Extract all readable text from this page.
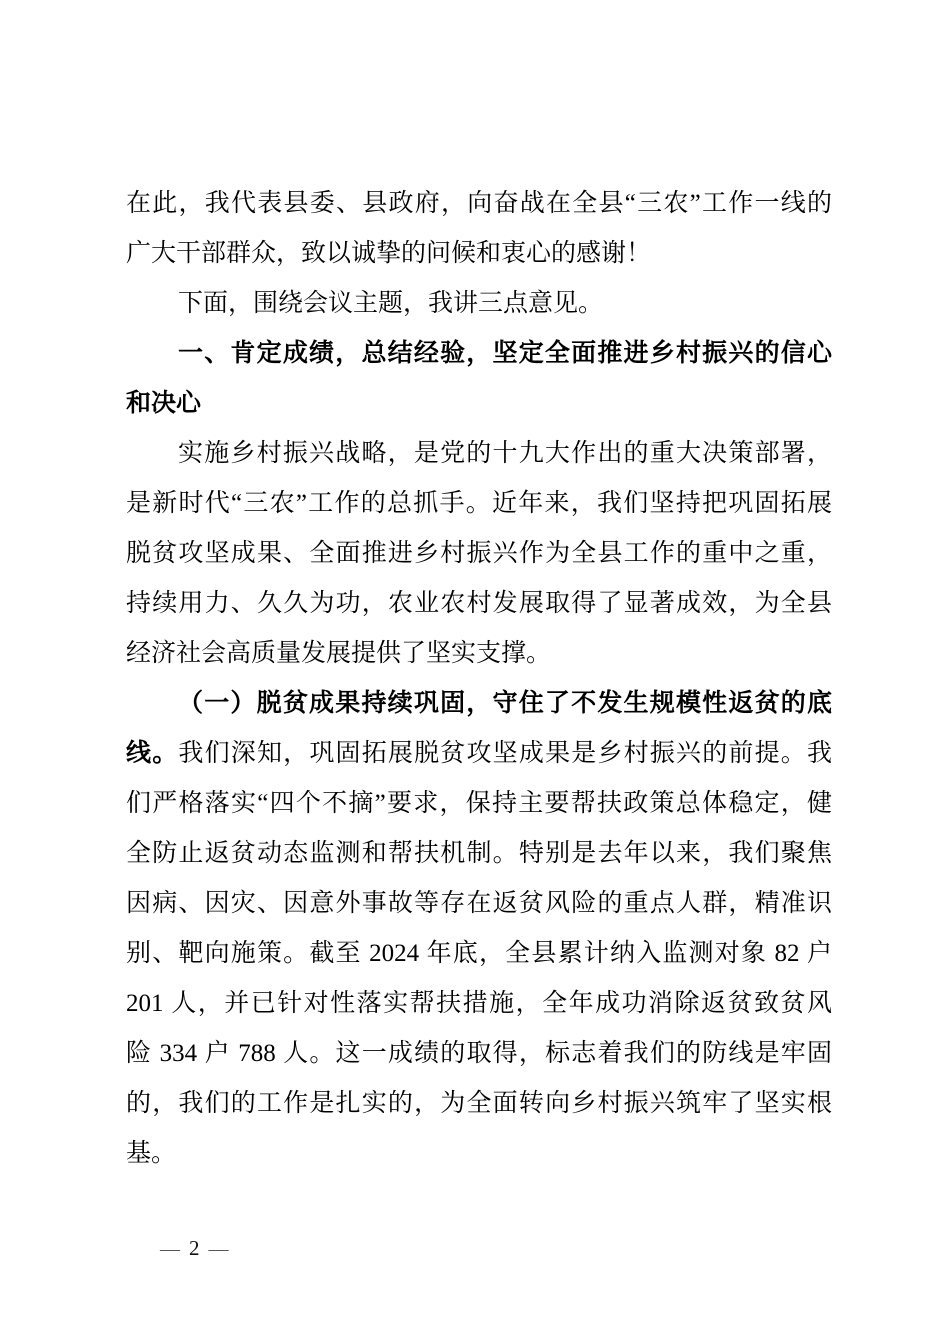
在此，我代表县委、县政府，向奋战在全县“三农”工作一线的
广大干部群众，致以诚挚的问候和衷心的感谢！
下面，围绕会议主题，我讲三点意见。
一、肯定成绩，总结经验，坚定全面推进乡村振兴的信心
和决心
实施乡村振兴战略，是党的十九大作出的重大决策部署，
是新时代“三农”工作的总抓手。近年来，我们坚持把巩固拓展
脱贫攻坚成果、全面推进乡村振兴作为全县工作的重中之重，
持续用力、久久为功，农业农村发展取得了显著成效，为全县
经济社会高质量发展提供了坚实支撑。
（一）脱贫成果持续巩固，守住了不发生规模性返贫的底
线。我们深知，巩固拓展脱贫攻坚成果是乡村振兴的前提。我
们严格落实“四个不摘”要求，保持主要帮扶政策总体稳定，健
全防止返贫动态监测和帮扶机制。特别是去年以来，我们聚焦
因病、因灾、因意外事故等存在返贫风险的重点人群，精准识
别、靶向施策。截至 2024 年底，全县累计纳入监测对象 82 户
201 人，并已针对性落实帮扶措施，全年成功消除返贫致贫风
险 334 户 788 人。这一成绩的取得，标志着我们的防线是牢固
的，我们的工作是扎实的，为全面转向乡村振兴筑牢了坚实根
基。
— 2 —
